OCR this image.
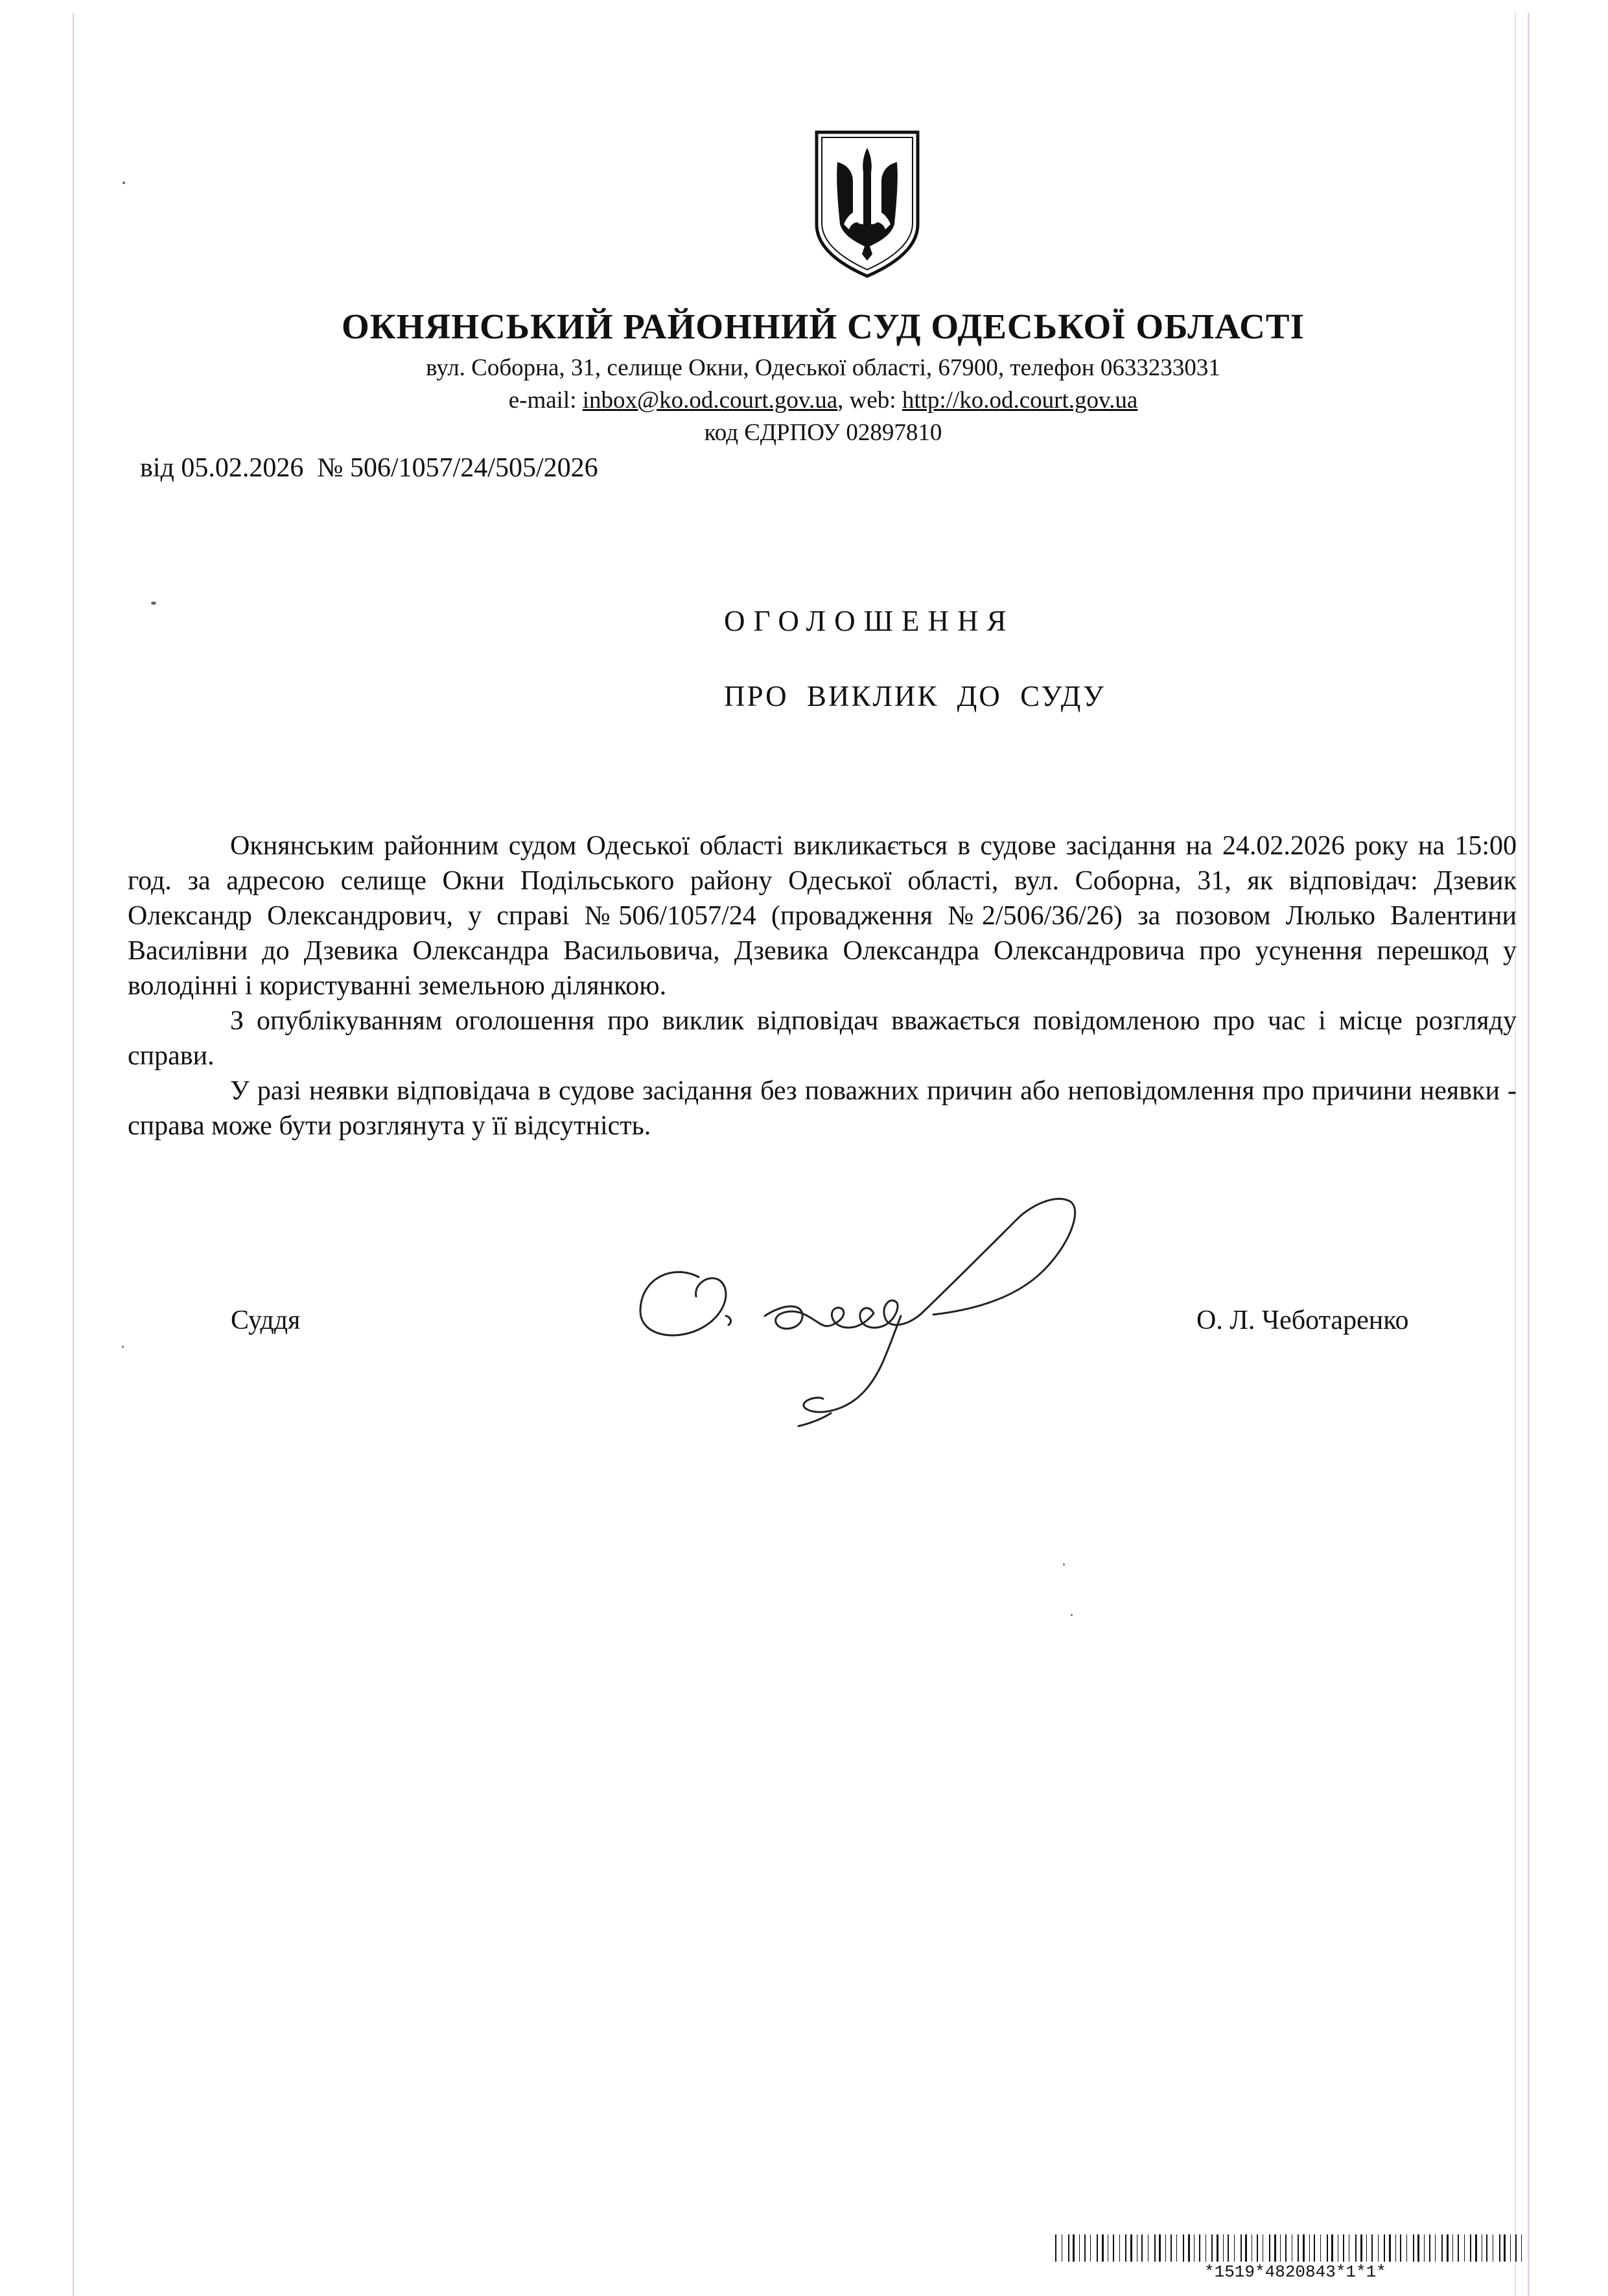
ОКНЯНСЬКИЙ РАЙОННИЙ СУД ОДЕСЬКОЇ ОБЛАСТІ
вул. Соборна, 31, селище Окни, Одеської області, 67900, телефон 0633233031
e-mail: inbox@ko.od.court.gov.ua, web: http://ko.od.court.gov.ua
код ЄДРПОУ 02897810
від 05.02.2026 № 506/1057/24/505/2026
ОГОЛОШЕННЯ
ПРО ВИКЛИК ДО СУДУ

Окнянським районним судом Одеської області викликається в судове засідання на 24.02.2026 року на 15:00 год. за адресою селище Окни Подільського району Одеської області, вул. Соборна, 31, як відповідач: Дзевик Олександр Олександрович, у справі №506/1057/24 (провадження №2/506/36/26) за позовом Люлько Валентини Василівни до Дзевика Олександра Васильовича, Дзевика Олександра Олександровича про усунення перешкод у володінні і користуванні земельною ділянкою.

З опублікуванням оголошення про виклик відповідач вважається повідомленою про час і місце розгляду справи.

У разі неявки відповідача в судове засідання без поважних причин або неповідомлення про причини неявки - справа може бути розглянута у її відсутність.

Суддя	О. Л. Чеботаренко
*1519*4820843*1*1*
